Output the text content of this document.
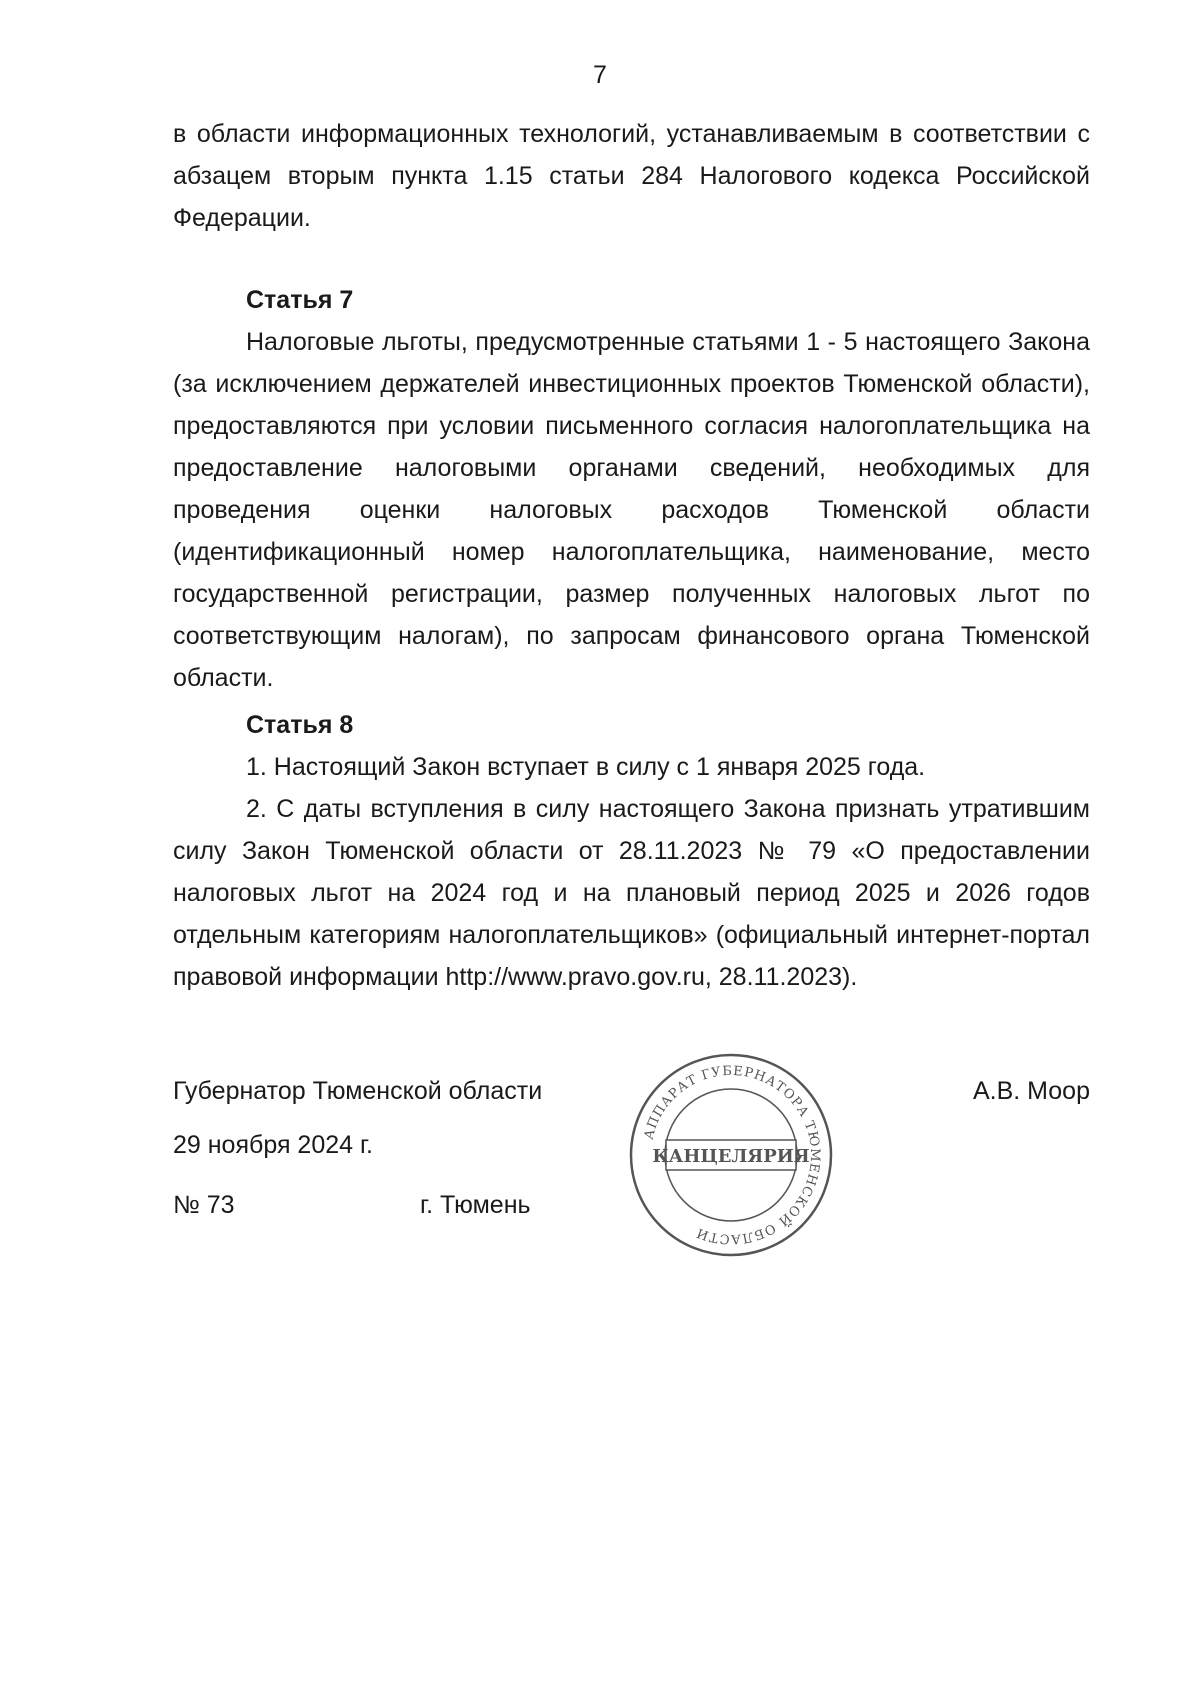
7

в области информационных технологий, устанавливаемым в соответствии с абзацем вторым пункта 1.15 статьи 284 Налогового кодекса Российской Федерации.

Статья 7

Налоговые льготы, предусмотренные статьями 1 - 5 настоящего Закона (за исключением держателей инвестиционных проектов Тюменской области), предоставляются при условии письменного согласия налогоплательщика на предоставление налоговыми органами сведений, необходимых для проведения оценки налоговых расходов Тюменской области (идентификационный номер налогоплательщика, наименование, место государственной регистрации, размер полученных налоговых льгот по соответствующим налогам), по запросам финансового органа Тюменской области.

Статья 8

1. Настоящий Закон вступает в силу с 1 января 2025 года.

2. С даты вступления в силу настоящего Закона признать утратившим силу Закон Тюменской области от 28.11.2023 № 79 «О предоставлении налоговых льгот на 2024 год и на плановый период 2025 и 2026 годов отдельным категориям налогоплательщиков» (официальный интернет-портал правовой информации http://www.pravo.gov.ru, 28.11.2023).

Губернатор Тюменской области
29 ноября 2024 г.
№ 73	г. Тюмень
А.В. Моор
АППАРАТ ГУБЕРНАТОРА ТЮМЕНСКОЙ ОБЛАСТИ
КАНЦЕЛЯРИЯ
